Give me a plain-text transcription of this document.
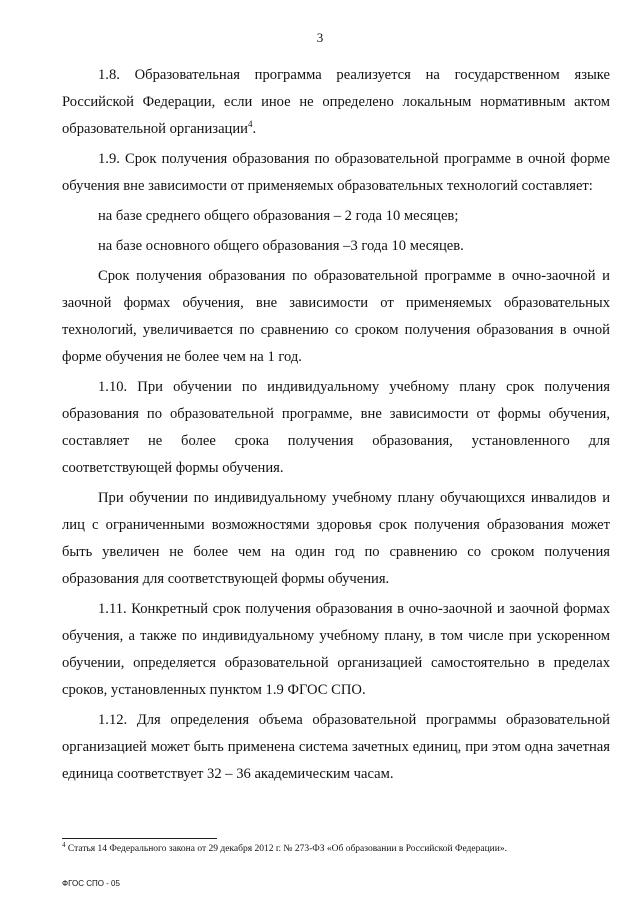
3

1.8. Образовательная программа реализуется на государственном языке Российской Федерации, если иное не определено локальным нормативным актом образовательной организации$^4$.

1.9. Срок получения образования по образовательной программе в очной форме обучения вне зависимости от применяемых образовательных технологий составляет:

на базе среднего общего образования – 2 года 10 месяцев;

на базе основного общего образования –3 года 10 месяцев.

Срок получения образования по образовательной программе в очно-заочной и заочной формах обучения, вне зависимости от применяемых образовательных технологий, увеличивается по сравнению со сроком получения образования в очной форме обучения не более чем на 1 год.

1.10. При обучении по индивидуальному учебному плану срок получения образования по образовательной программе, вне зависимости от формы обучения, составляет не более срока получения образования, установленного для соответствующей формы обучения.

При обучении по индивидуальному учебному плану обучающихся инвалидов и лиц с ограниченными возможностями здоровья срок получения образования может быть увеличен не более чем на один год по сравнению со сроком получения образования для соответствующей формы обучения.

1.11. Конкретный срок получения образования в очно-заочной и заочной формах обучения, а также по индивидуальному учебному плану, в том числе при ускоренном обучении, определяется образовательной организацией самостоятельно в пределах сроков, установленных пунктом 1.9 ФГОС СПО.

1.12. Для определения объема образовательной программы образовательной организацией может быть применена система зачетных единиц, при этом одна зачетная единица соответствует 32 – 36 академическим часам.

$^4$ Статья 14 Федерального закона от 29 декабря 2012 г. № 273-ФЗ «Об образовании в Российской Федерации».
ФГОС СПО - 05
